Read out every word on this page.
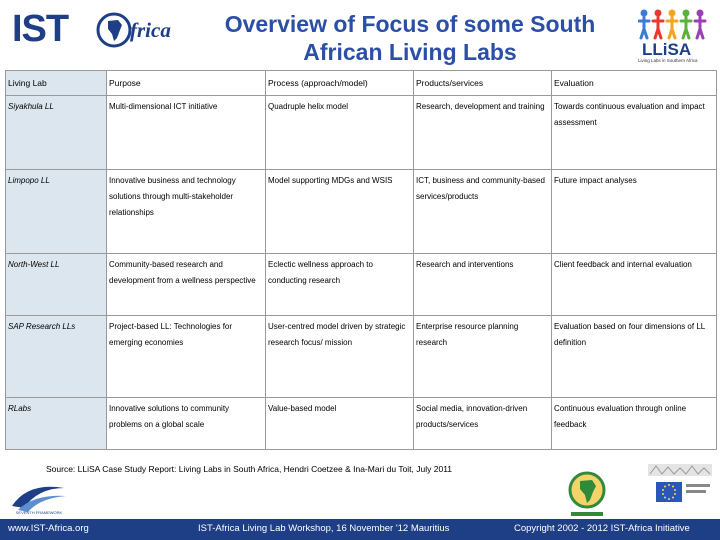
IST	frica	Overview of Focus of some South African Living Labs	LLiSA
Living Labs in Southern Africa
Living Lab	Purpose	Process (approach/model)	Products/services	Evaluation
Siyakhula LL	Multi-dimensional ICT initiative	Quadruple helix model	Research, development and training	Towards continuous evaluation and impact assessment
Limpopo LL	Innovative business and technology solutions through multi-stakeholder relationships	Model supporting MDGs and WSIS	ICT, business and community-based services/products	Future impact analyses
North-West LL	Community-based research and development from a wellness perspective	Eclectic wellness approach to conducting research	Research and interventions	Client feedback and internal evaluation
SAP Research LLs	Project-based LL: Technologies for emerging economies	User-centred model driven by strategic research focus/ mission	Enterprise resource planning research	Evaluation based on four dimensions of LL definition
RLabs	Innovative solutions to community problems on a global scale	Value-based model	Social media, innovation-driven products/services	Continuous evaluation through online feedback
Source: LLiSA Case Study Report: Living Labs in South Africa, Hendri Coetzee & Ina-Mari du Toit, July 2011
SEVENTH FRAMEWORK
www.IST-Africa.org	IST-Africa Living Lab Workshop, 16 November '12 Mauritius	Copyright 2002 - 2012 IST-Africa Initiative
